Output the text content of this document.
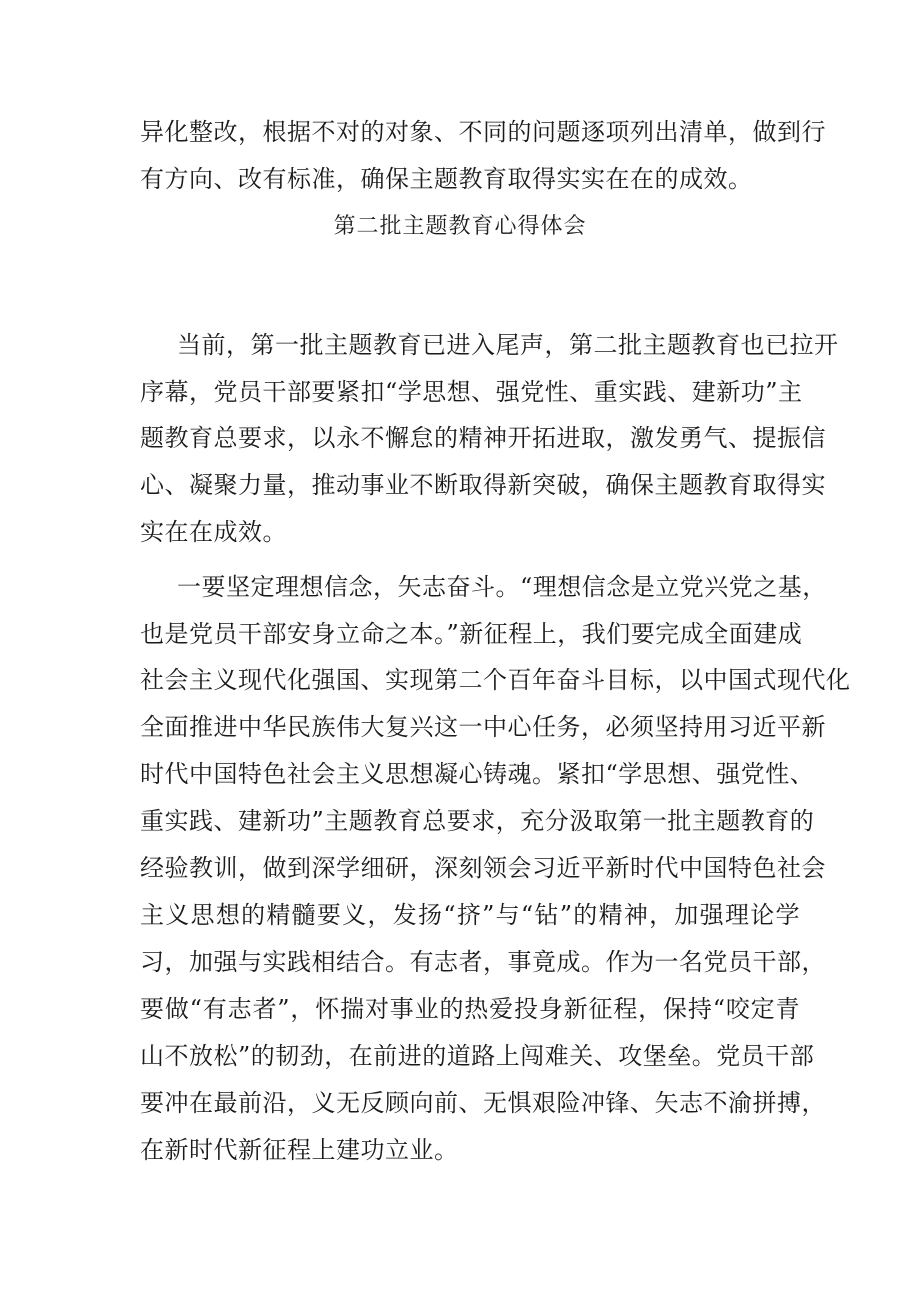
异化整改，根据不对的对象、不同的问题逐项列出清单，做到行
有方向、改有标准，确保主题教育取得实实在在的成效。
第二批主题教育心得体会
当前，第一批主题教育已进入尾声，第二批主题教育也已拉开
序幕，党员干部要紧扣“学思想、强党性、重实践、建新功”主
题教育总要求，以永不懈怠的精神开拓进取，激发勇气、提振信
心、凝聚力量，推动事业不断取得新突破，确保主题教育取得实
实在在成效。
一要坚定理想信念，矢志奋斗。“理想信念是立党兴党之基，
也是党员干部安身立命之本。”新征程上，我们要完成全面建成
社会主义现代化强国、实现第二个百年奋斗目标，以中国式现代化
全面推进中华民族伟大复兴这一中心任务，必须坚持用习近平新
时代中国特色社会主义思想凝心铸魂。紧扣“学思想、强党性、
重实践、建新功”主题教育总要求，充分汲取第一批主题教育的
经验教训，做到深学细研，深刻领会习近平新时代中国特色社会
主义思想的精髓要义，发扬“挤”与“钻”的精神，加强理论学
习，加强与实践相结合。有志者，事竟成。作为一名党员干部，
要做“有志者”，怀揣对事业的热爱投身新征程，保持“咬定青
山不放松”的韧劲，在前进的道路上闯难关、攻堡垒。党员干部
要冲在最前沿，义无反顾向前、无惧艰险冲锋、矢志不渝拼搏，
在新时代新征程上建功立业。
